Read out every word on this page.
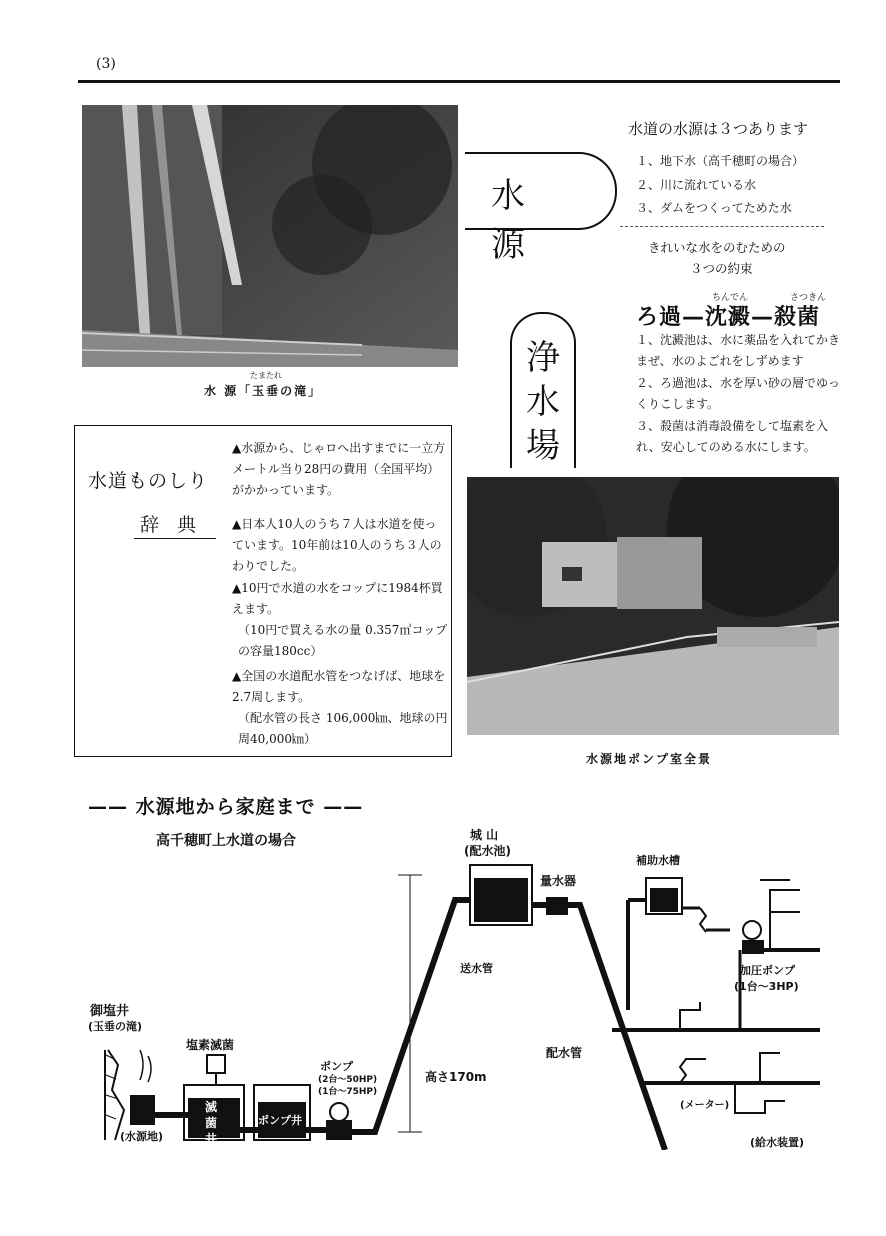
(3)
水 源「玉垂の滝」
たまたれ
水 源
水道の水源は３つあります
１、地下水（高千穂町の場合）
２、川に流れている水
３、ダムをつくってためた水
きれいな水をのむための
３つの約束
浄
水
場
ちんでん	さつきん
ろ過—沈澱—殺菌
１、沈澱池は、水に薬品を入れてかきまぜ、水のよごれをしずめます
２、ろ過池は、水を厚い砂の層でゆっくりこします。
３、殺菌は消毒設備をして塩素を入れ、安心してのめる水にします。
水源地ポンプ室全景
水道ものしり
辞典
▲水源から、じゃロへ出すまでに一立方メートル当り28円の費用（全国平均）がかかっています。
▲日本人10人のうち７人は水道を使っています。10年前は10人のうち３人のわりでした。
▲10円で水道の水をコップに1984杯買えます。
（10円で買える水の量 0.357㎥コップの容量180cc）
▲全国の水道配水管をつなげば、地球を2.7周します。
（配水管の長さ 106,000㎞、地球の円周40,000㎞）
—— 水源地から家庭まで ——
高千穂町上水道の場合
御塩井
(玉垂の滝)
(水源地)
塩素滅菌
滅
菌
井
ポンプ井
ポンプ
(2台～50HP)
(1台～75HP)
高さ170m
送水管
城 山
(配水池)
量水器
配水管
補助水槽
加圧ポンプ
(1台～3HP)
(メーター)
(給水装置)
